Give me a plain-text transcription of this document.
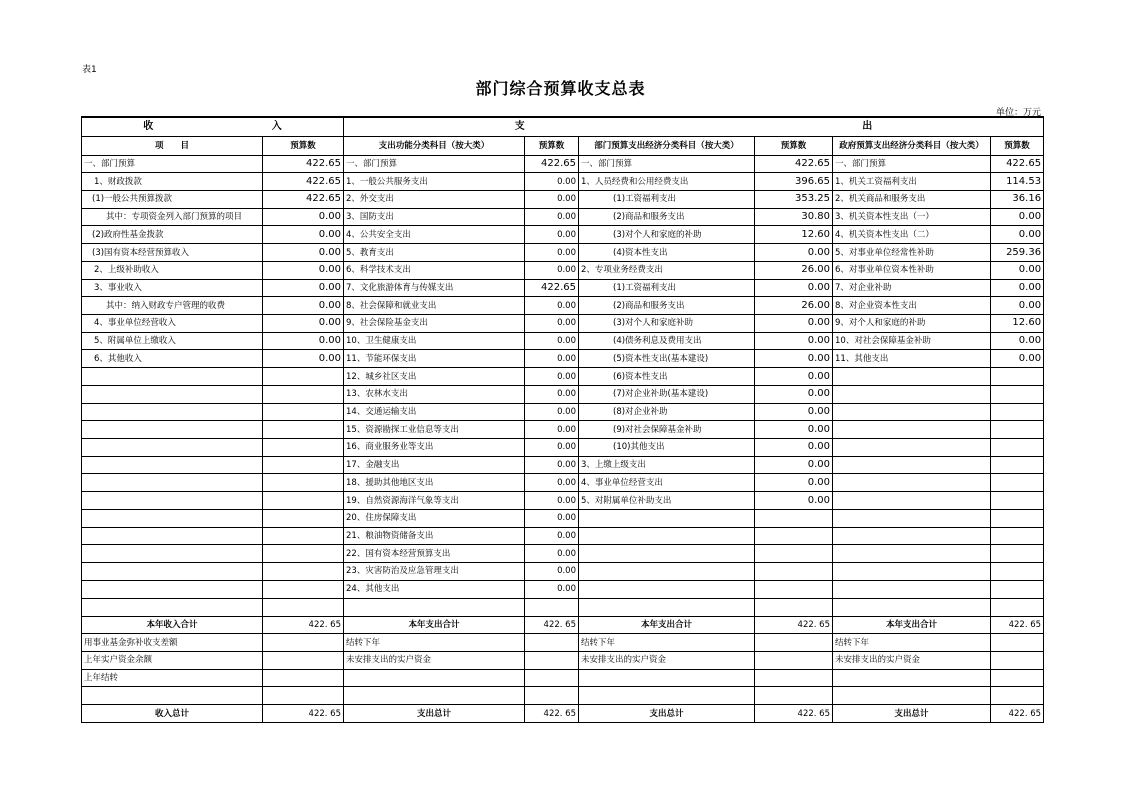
表1
部门综合预算收支总表
单位：万元
收 入		支 出					

项　　目	预算数	支出功能分类科目（按大类）	预算数	部门预算支出经济分类科目（按大类）	预算数	政府预算支出经济分类科目（按大类）	预算数
一、部门预算	422.65	一、部门预算	422.65	一、部门预算	422.65	一、部门预算	422.65
1、财政拨款	422.65	1、一般公共服务支出	0.00	1、人员经费和公用经费支出	396.65	1、机关工资福利支出	114.53
(1)一般公共预算拨款	422.65	2、外交支出	0.00	(1)工资福利支出	353.25	2、机关商品和服务支出	36.16
其中：专项资金列入部门预算的项目	0.00	3、国防支出	0.00	(2)商品和服务支出	30.80	3、机关资本性支出（一）	0.00
(2)政府性基金拨款	0.00	4、公共安全支出	0.00	(3)对个人和家庭的补助	12.60	4、机关资本性支出（二）	0.00
(3)国有资本经营预算收入	0.00	5、教育支出	0.00	(4)资本性支出	0.00	5、对事业单位经常性补助	259.36
2、上级补助收入	0.00	6、科学技术支出	0.00	2、专项业务经费支出	26.00	6、对事业单位资本性补助	0.00
3、事业收入	0.00	7、文化旅游体育与传媒支出	422.65	(1)工资福利支出	0.00	7、对企业补助	0.00
其中：纳入财政专户管理的收费	0.00	8、社会保障和就业支出	0.00	(2)商品和服务支出	26.00	8、对企业资本性支出	0.00
4、事业单位经营收入	0.00	9、社会保险基金支出	0.00	(3)对个人和家庭补助	0.00	9、对个人和家庭的补助	12.60
5、附属单位上缴收入	0.00	10、卫生健康支出	0.00	(4)债务利息及费用支出	0.00	10、对社会保障基金补助	0.00
6、其他收入	0.00	11、节能环保支出	0.00	(5)资本性支出(基本建设)	0.00	11、其他支出	0.00
		12、城乡社区支出	0.00	(6)资本性支出	0.00		
		13、农林水支出	0.00	(7)对企业补助(基本建设)	0.00		
		14、交通运输支出	0.00	(8)对企业补助	0.00		
		15、资源勘探工业信息等支出	0.00	(9)对社会保障基金补助	0.00		
		16、商业服务业等支出	0.00	(10)其他支出	0.00		
		17、金融支出	0.00	3、上缴上级支出	0.00		
		18、援助其他地区支出	0.00	4、事业单位经营支出	0.00		
		19、自然资源海洋气象等支出	0.00	5、对附属单位补助支出	0.00		
		20、住房保障支出	0.00				
		21、粮油物资储备支出	0.00				
		22、国有资本经营预算支出	0.00				
		23、灾害防治及应急管理支出	0.00				
		24、其他支出	0.00				

本年收入合计	422. 65	本年支出合计	422. 65	本年支出合计	422. 65	本年支出合计	422. 65
用事业基金弥补收支差额		结转下年		结转下年		结转下年	
上年实户资金余额		未安排支出的实户资金		未安排支出的实户资金		未安排支出的实户资金	
上年结转							

收入总计	422. 65	支出总计	422. 65	支出总计	422. 65	支出总计	422. 65
